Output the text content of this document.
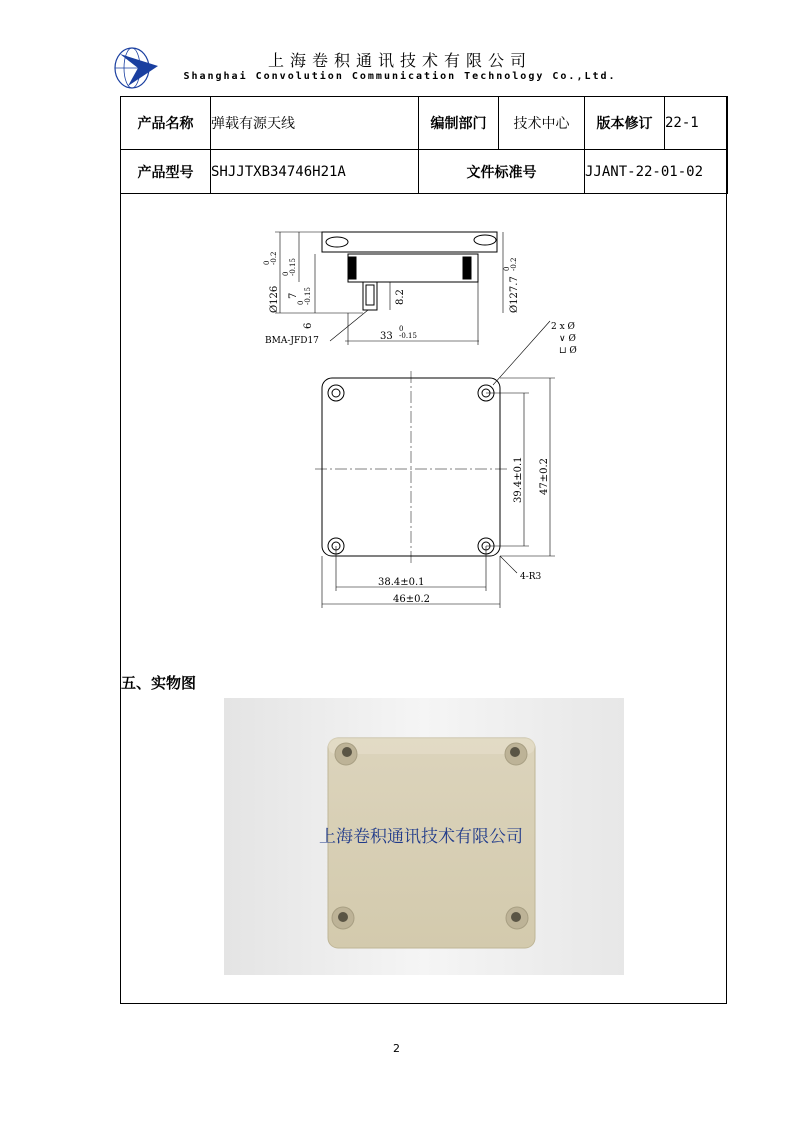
上海卷积通讯技术有限公司
Shanghai Convolution Communication Technology Co.,Ltd.
产品名称	弹载有源天线	编制部门	技术中心	版本修订	22-1
产品型号	SHJJTXB34746H21A	文件标准号		JJANT-22-01-02	
Ø126 7
6
8.2	Ø127.7
BMA-JFD17	33
2 x Ø
∨ Ø
⊔ Ø
39.4±0.1 47±0.2
38.4±0.1
46±0.2
4-R3
0 -0.2
0 -0.15
0 -0.15
0 -0.2
0
-0.15
五、实物图
上海卷积通讯技术有限公司
2
